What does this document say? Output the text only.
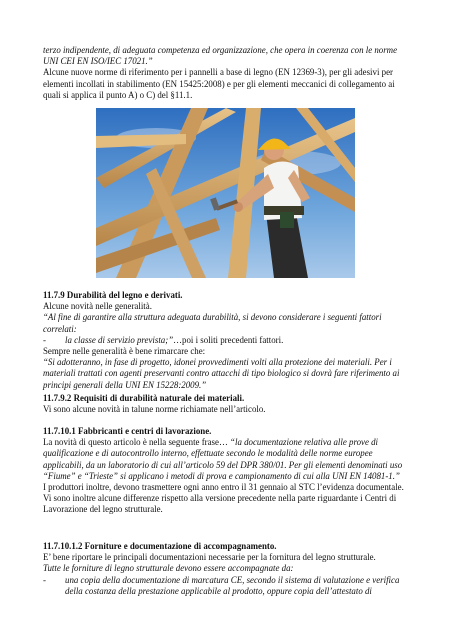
terzo indipendente, di adeguata competenza ed organizzazione, che opera in coerenza con le norme

UNI CEI EN ISO/IEC 17021.”

Alcune nuove norme di riferimento per i pannelli a base di legno (EN 12369-3), per gli adesivi per elementi incollati in stabilimento (EN 15425:2008) e per gli elementi meccanici di collegamento ai quali si applica il punto A) o C) del §11.1.

11.7.9 Durabilità del legno e derivati.

Alcune novità nelle generalità.

“Al fine di garantire alla struttura adeguata durabilità, si devono considerare i seguenti fattori correlati:

- la classe di servizio prevista;”…poi i soliti precedenti fattori.

Sempre nelle generalità è bene rimarcare che:

“Si adotteranno, in fase di progetto, idonei provvedimenti volti alla protezione dei materiali. Per i materiali trattati con agenti preservanti contro attacchi di tipo biologico si dovrà fare riferimento ai principi generali della UNI EN 15228:2009.”

11.7.9.2 Requisiti di durabilità naturale dei materiali.

Vi sono alcune novità in talune norme richiamate nell’articolo.

11.7.10.1 Fabbricanti e centri di lavorazione.

La novità di questo articolo è nella seguente frase… “la documentazione relativa alle prove di qualificazione e di autocontrollo interno, effettuate secondo le modalità delle norme europee applicabili, da un laboratorio di cui all’articolo 59 del DPR 380/01. Per gli elementi denominati uso “Fiume” e “Trieste” si applicano i metodi di prova e campionamento di cui alla UNI EN 14081-1.”

I produttori inoltre, devono trasmettere ogni anno entro il 31 gennaio al STC l’evidenza documentale.

Vi sono inoltre alcune differenze rispetto alla versione precedente nella parte riguardante i Centri di Lavorazione del legno strutturale.

11.7.10.1.2 Forniture e documentazione di accompagnamento.

E’ bene riportare le principali documentazioni necessarie per la fornitura del legno strutturale.

Tutte le forniture di legno strutturale devono essere accompagnate da:

- una copia della documentazione di marcatura CE, secondo il sistema di valutazione e verifica della costanza della prestazione applicabile al prodotto, oppure copia dell’attestato di
